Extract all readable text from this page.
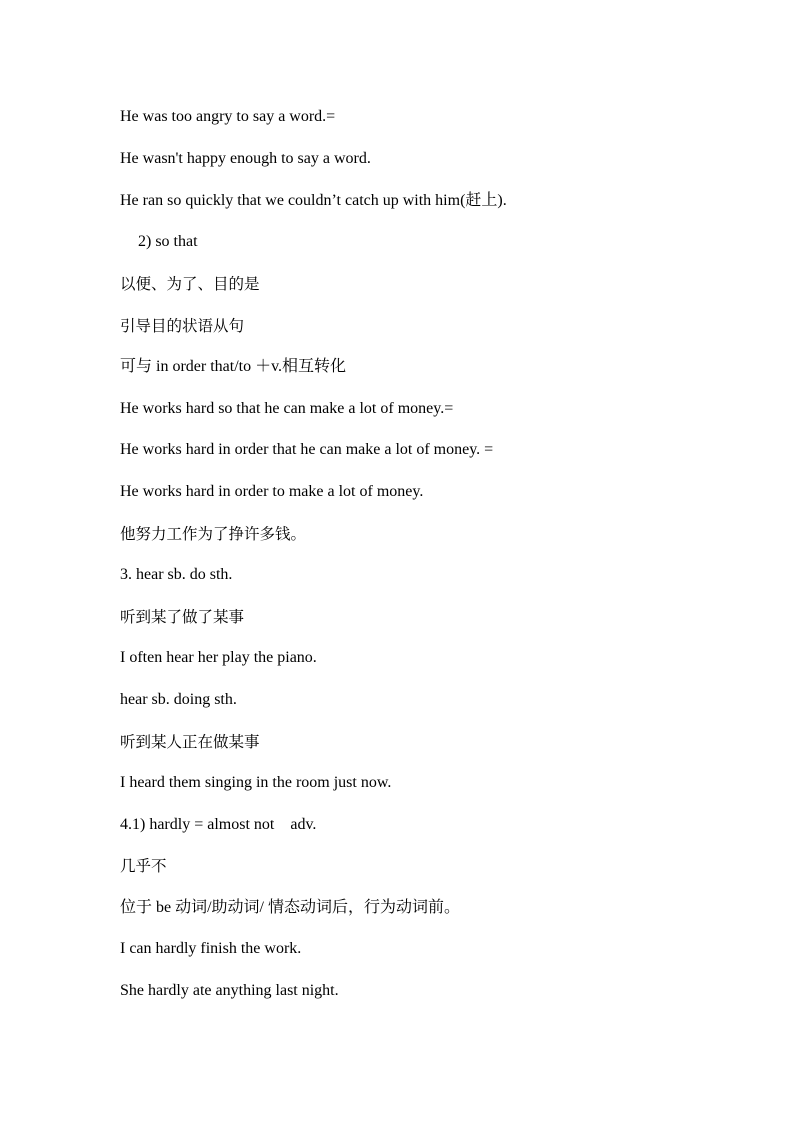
He was too angry to say a word.=
He wasn't happy enough to say a word.
He ran so quickly that we couldn’t catch up with him(赶上).
2) so that
以便、为了、目的是
引导目的状语从句
可与 in order that/to ＋v.相互转化
He works hard so that he can make a lot of money.=
He works hard in order that he can make a lot of money. =
He works hard in order to make a lot of money.
他努力工作为了挣许多钱。
3. hear sb. do sth.
听到某了做了某事
I often hear her play the piano.
hear sb. doing sth.
听到某人正在做某事
I heard them singing in the room just now.
4.1) hardly = almost not    adv.
几乎不
位于 be 动词/助动词/ 情态动词后，行为动词前。
I can hardly finish the work.
She hardly ate anything last night.
